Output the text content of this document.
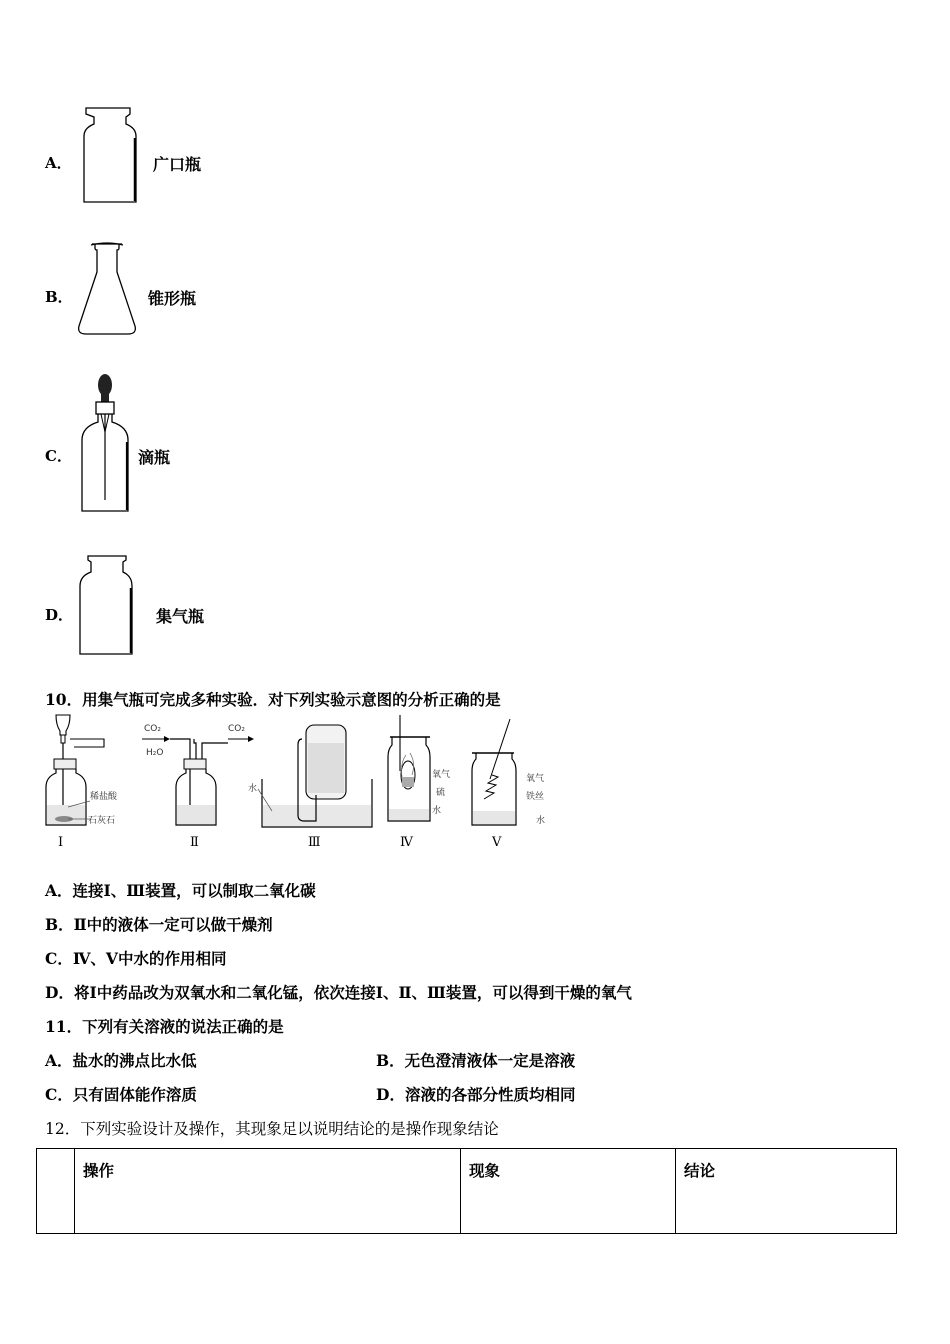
A．	广口瓶
B．	锥形瓶
C．	滴瓶
D．	集气瓶
10．用集气瓶可完成多种实验．对下列实验示意图的分析正确的是
稀盐酸
石灰石
Ⅰ
CO₂
H₂O
CO₂
Ⅱ
水
Ⅲ
氧气
硫
水
Ⅳ
氧气
铁丝
水
Ⅴ
A．连接Ⅰ、Ⅲ装置，可以制取二氧化碳
B．Ⅱ中的液体一定可以做干燥剂
C．Ⅳ、Ⅴ中水的作用相同
D．将Ⅰ中药品改为双氧水和二氧化锰，依次连接Ⅰ、Ⅱ、Ⅲ装置，可以得到干燥的氧气
11．下列有关溶液的说法正确的是
A．盐水的沸点比水低	B．无色澄清液体一定是溶液
C．只有固体能作溶质	D．溶液的各部分性质均相同
12．下列实验设计及操作，其现象足以说明结论的是操作现象结论
	操作	现象	结论
